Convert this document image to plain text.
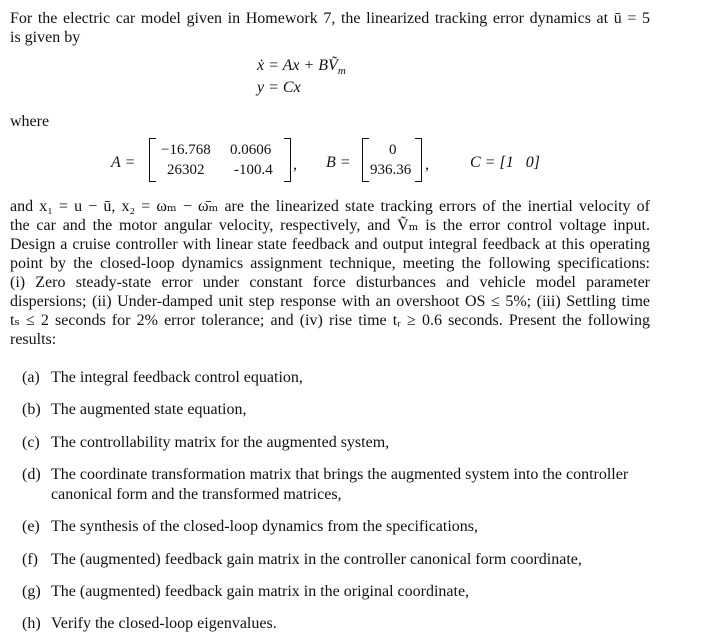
For the electric car model given in Homework 7, the linearized tracking error dynamics at ū = 5
is given by
ẋ = Ax + BṼ$_m$
y = Cx
where
A =
−16.768 0.0606
26302 -100.4 , B =
0
936.36 ,	C = [1   0]
and x₁ = u − ū, x₂ = ωₘ − ω̄ₘ are the linearized state tracking errors of the inertial velocity of
the car and the motor angular velocity, respectively, and Ṽₘ is the error control voltage input.
Design a cruise controller with linear state feedback and output integral feedback at this operating
point by the closed-loop dynamics assignment technique, meeting the following specifications:
(i) Zero steady-state error under constant force disturbances and vehicle model parameter
dispersions; (ii) Under-damped unit step response with an overshoot OS ≤ 5%; (iii) Settling time
tₛ ≤ 2 seconds for 2% error tolerance; and (iv) rise time tᵣ ≥ 0.6 seconds. Present the following
results:
(a) The integral feedback control equation,
(b) The augmented state equation,
(c) The controllability matrix for the augmented system,
(d) The coordinate transformation matrix that brings the augmented system into the controller
canonical form and the transformed matrices,
(e) The synthesis of the closed-loop dynamics from the specifications,
(f) The (augmented) feedback gain matrix in the controller canonical form coordinate,
(g) The (augmented) feedback gain matrix in the original coordinate,
(h) Verify the closed-loop eigenvalues.
